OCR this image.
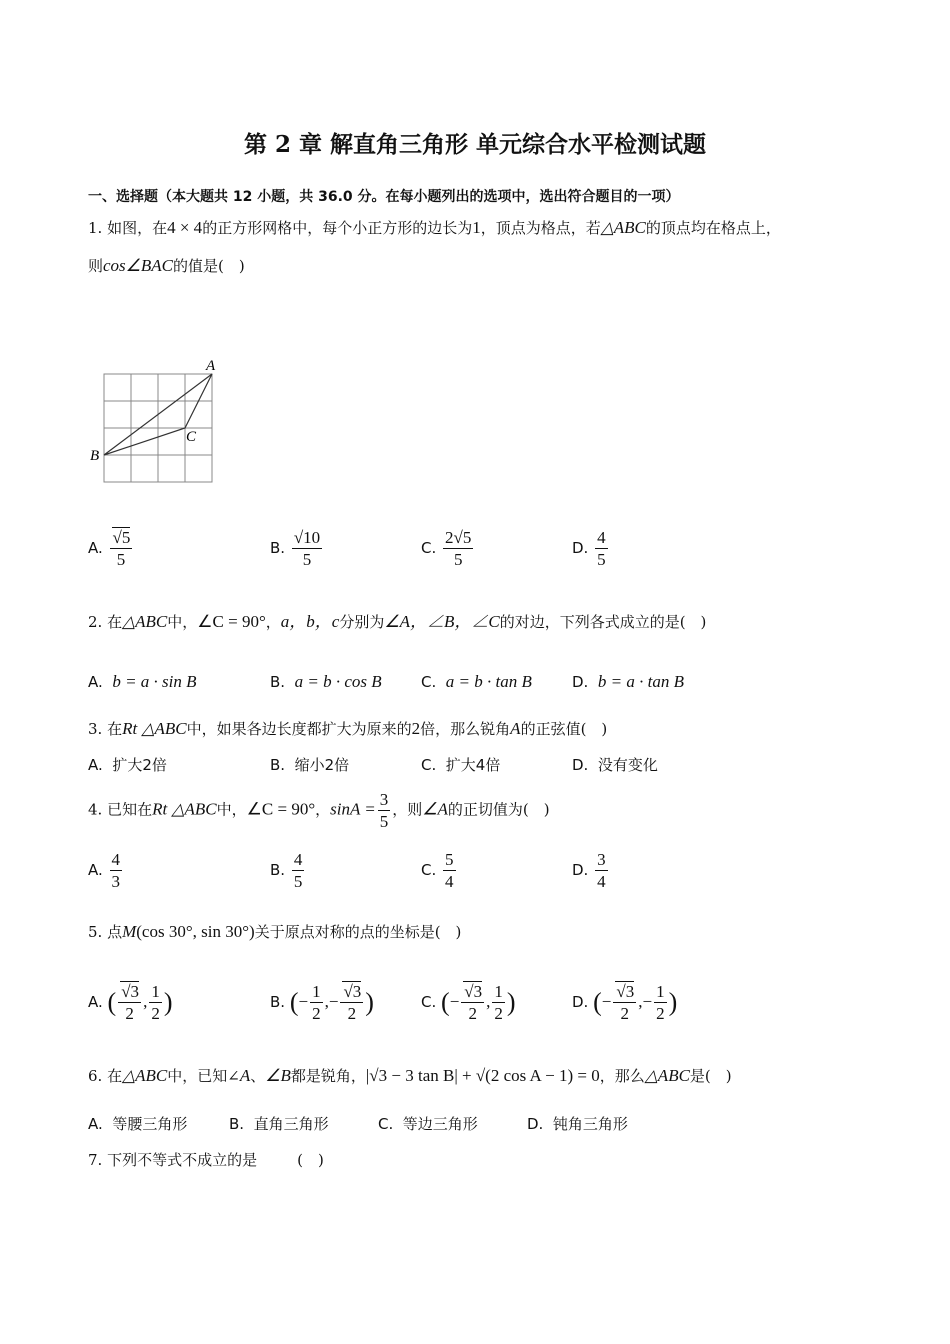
第 2 章 解直角三角形 单元综合水平检测试题
一、选择题（本大题共 12 小题，共 36.0 分。在每小题列出的选项中，选出符合题目的一项）
1. 如图，在4 × 4的正方形网格中，每个小正方形的边长为1，顶点为格点，若△ABC的顶点均在格点上，
则cos∠BAC的值是(　)
A
B
C
A. $\frac{√5}{5}$	B. $\frac{√10}{5}$	C. $\frac{2√5}{5}$	D. $\frac{4}{5}$
2. 在△ABC中，∠C = 90°，a，b，c分别为∠A，∠B，∠C的对边，下列各式成立的是(　)
A. b = a · sin B	B. a = b · cos B	C. a = b · tan B	D. b = a · tan B
3. 在Rt △ABC中，如果各边长度都扩大为原来的2倍，那么锐角A的正弦值(　)
A. 扩大2倍	B. 缩小2倍	C. 扩大4倍	D. 没有变化
4. 已知在Rt △ABC中，∠C = 90°，$\sin A = \frac{3}{5}$ ，则∠A的正切值为(　)
A. $\frac{4}{3}$	B. $\frac{4}{5}$	C. $\frac{5}{4}$	D. $\frac{3}{4}$
5. 点M(cos 30°, sin 30°)关于原点对称的点的坐标是(　)
A. ( $\frac{√3}{2}$ , $\frac{1}{2}$ )	B. (− $\frac{1}{2}$ ,− $\frac{√3}{2}$ )	C. (− $\frac{√3}{2}$ , $\frac{1}{2}$ )	D. (− $\frac{√3}{2}$ ,− $\frac{1}{2}$ )
6. 在△ABC中，已知∠A、∠B都是锐角，|√3 − 3 tan B| + √(2 cos A − 1) = 0，那么△ABC是(　)
A. 等腰三角形	B. 直角三角形	C. 等边三角形	D. 钝角三角形
7. 下列不等式不成立的是	(　)
